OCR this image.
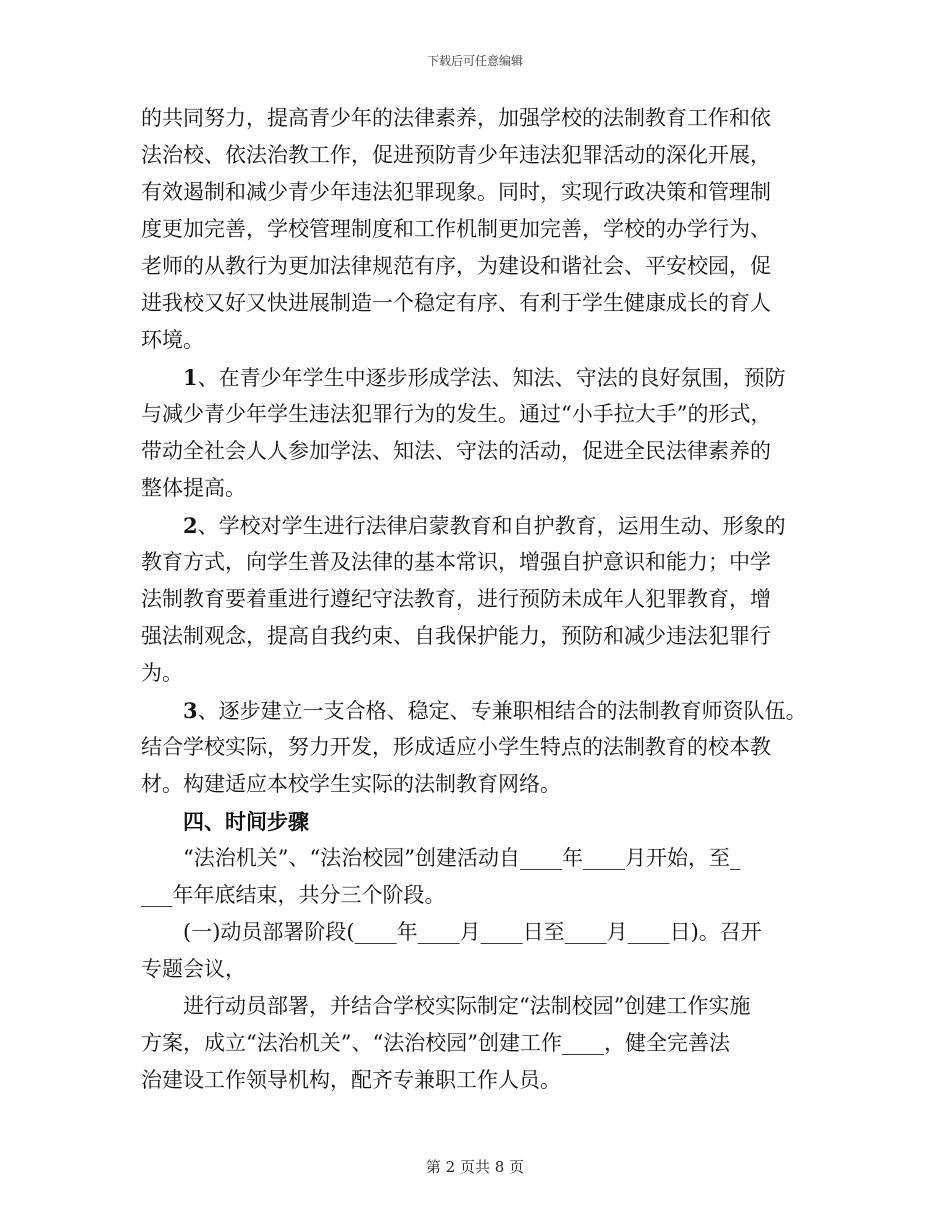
下载后可任意编辑
的共同努力，提高青少年的法律素养，加强学校的法制教育工作和依
法治校、依法治教工作，促进预防青少年违法犯罪活动的深化开展，
有效遏制和减少青少年违法犯罪现象。同时，实现行政决策和管理制
度更加完善，学校管理制度和工作机制更加完善，学校的办学行为、
老师的从教行为更加法律规范有序，为建设和谐社会、平安校园，促
进我校又好又快进展制造一个稳定有序、有利于学生健康成长的育人
环境。
1、在青少年学生中逐步形成学法、知法、守法的良好氛围，预防
与减少青少年学生违法犯罪行为的发生。通过“小手拉大手”的形式，
带动全社会人人参加学法、知法、守法的活动，促进全民法律素养的
整体提高。
2、学校对学生进行法律启蒙教育和自护教育，运用生动、形象的
教育方式，向学生普及法律的基本常识，增强自护意识和能力；中学
法制教育要着重进行遵纪守法教育，进行预防未成年人犯罪教育，增
强法制观念，提高自我约束、自我保护能力，预防和减少违法犯罪行
为。
3、逐步建立一支合格、稳定、专兼职相结合的法制教育师资队伍。
结合学校实际，努力开发，形成适应小学生特点的法制教育的校本教
材。构建适应本校学生实际的法制教育网络。
四、时间步骤
“法治机关”、“法治校园”创建活动自____年____月开始，至_
___年年底结束，共分三个阶段。
(一)动员部署阶段(____年____月____日至____月____日)。召开
专题会议，
进行动员部署，并结合学校实际制定“法制校园”创建工作实施
方案，成立“法治机关”、“法治校园”创建工作____，健全完善法
治建设工作领导机构，配齐专兼职工作人员。
第 2 页共 8 页
